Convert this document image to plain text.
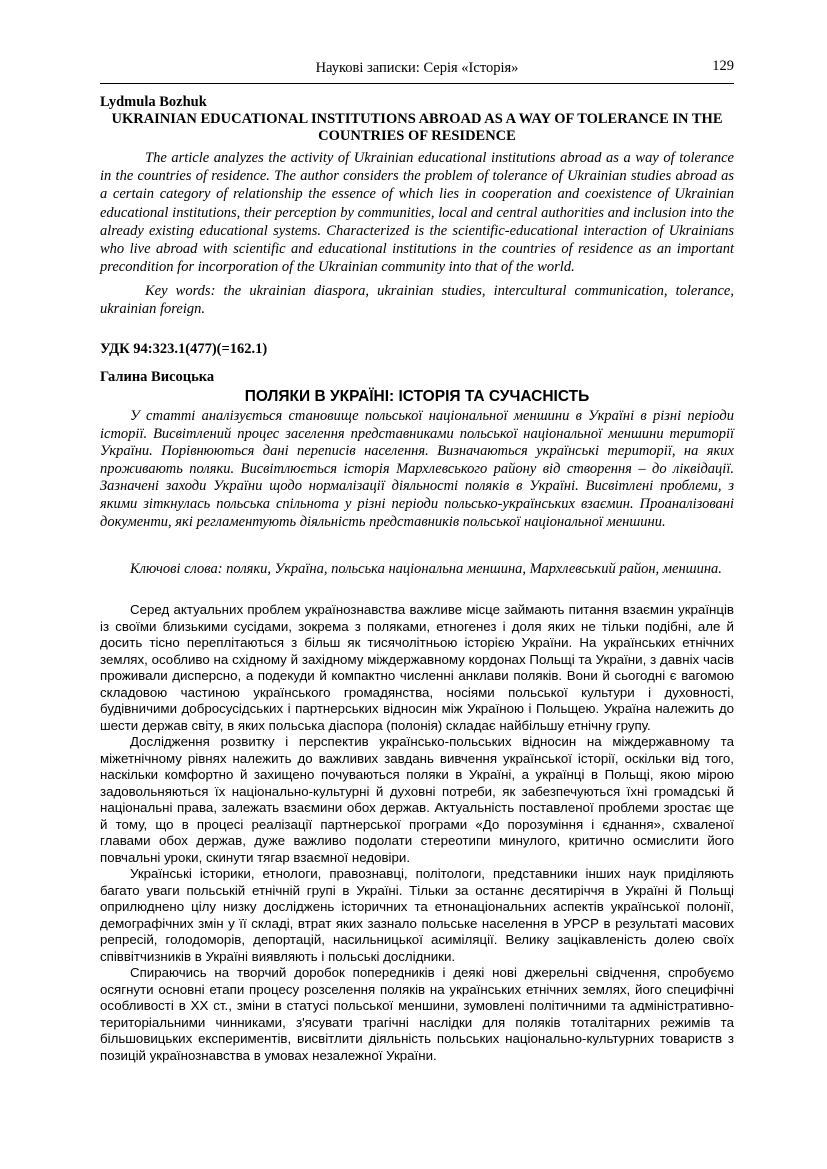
Наукові записки: Серія «Історія»	129
Lydmula Bozhuk
UKRAINIAN EDUCATIONAL INSTITUTIONS ABROAD AS A WAY OF TOLERANCE IN THE COUNTRIES OF RESIDENCE
The article analyzes the activity of Ukrainian educational institutions abroad as a way of tolerance in the countries of residence. The author considers the problem of tolerance of Ukrainian studies abroad as a certain category of relationship the essence of which lies in cooperation and coexistence of Ukrainian educational institutions, their perception by communities, local and central authorities and inclusion into the already existing educational systems. Characterized is the scientific-educational interaction of Ukrainians who live abroad with scientific and educational institutions in the countries of residence as an important precondition for incorporation of the Ukrainian community into that of the world.
Key words: the ukrainian diaspora, ukrainian studies, intercultural communication, tolerance, ukrainian foreign.
УДК 94:323.1(477)(=162.1)
Галина Висоцька
ПОЛЯКИ В УКРАЇНІ: ІСТОРІЯ ТА СУЧАСНІСТЬ
У статті аналізується становище польської національної меншини в Україні в різні періоди історії. Висвітлений процес заселення представниками польської національної меншини території України. Порівнюються дані переписів населення. Визначаються українські території, на яких проживають поляки. Висвітлюється історія Мархлевського району від створення – до ліквідації. Зазначені заходи України щодо нормалізації діяльності поляків в Україні. Висвітлені проблеми, з якими зіткнулась польська спільнота у різні періоди польсько-українських взаємин. Проаналізовані документи, які регламентують діяльність представників польської національної меншини.
Ключові слова: поляки, Україна, польська національна меншина, Мархлевський район, меншина.

Серед актуальних проблем українознавства важливе місце займають питання взаємин українців із своїми близькими сусідами, зокрема з поляками, етногенез і доля яких не тільки подібні, але й досить тісно переплітаються з більш як тисячолітньою історією України. На українських етнічних землях, особливо на східному й західному міждержавному кордонах Польщі та України, з давніх часів проживали дисперсно, а подекуди й компактно численні анклави поляків. Вони й сьогодні є вагомою складовою частиною українського громадянства, носіями польської культури і духовності, будівничими добросусідських і партнерських відносин між Україною і Польщею. Україна належить до шести держав світу, в яких польська діаспора (полонія) складає найбільшу етнічну групу.

Дослідження розвитку і перспектив українсько-польських відносин на міждержавному та міжетнічному рівнях належить до важливих завдань вивчення української історії, оскільки від того, наскільки комфортно й захищено почуваються поляки в Україні, а українці в Польщі, якою мірою задовольняються їх національно-культурні й духовні потреби, як забезпечуються їхні громадські й національні права, залежать взаємини обох держав. Актуальність поставленої проблеми зростає ще й тому, що в процесі реалізації партнерської програми «До порозуміння і єднання», схваленої главами обох держав, дуже важливо подолати стереотипи минулого, критично осмислити його повчальні уроки, скинути тягар взаємної недовіри.

Українські історики, етнологи, правознавці, політологи, представники інших наук приділяють багато уваги польській етнічній групі в Україні. Тільки за останнє десятиріччя в Україні й Польщі оприлюднено цілу низку досліджень історичних та етнонаціональних аспектів української полонії, демографічних змін у її складі, втрат яких зазнало польське населення в УРСР в результаті масових репресій, голодоморів, депортацій, насильницької асиміляції. Велику зацікавленість долею своїх співвітчизників в Україні виявляють і польські дослідники.

Спираючись на творчий доробок попередників і деякі нові джерельні свідчення, спробуємо осягнути основні етапи процесу розселення поляків на українських етнічних землях, його специфічні особливості в ХХ ст., зміни в статусі польської меншини, зумовлені політичними та адміністративно-територіальними чинниками, з'ясувати трагічні наслідки для поляків тоталітарних режимів та більшовицьких експериментів, висвітлити діяльність польських національно-культурних товариств з позицій українознавства в умовах незалежної України.
